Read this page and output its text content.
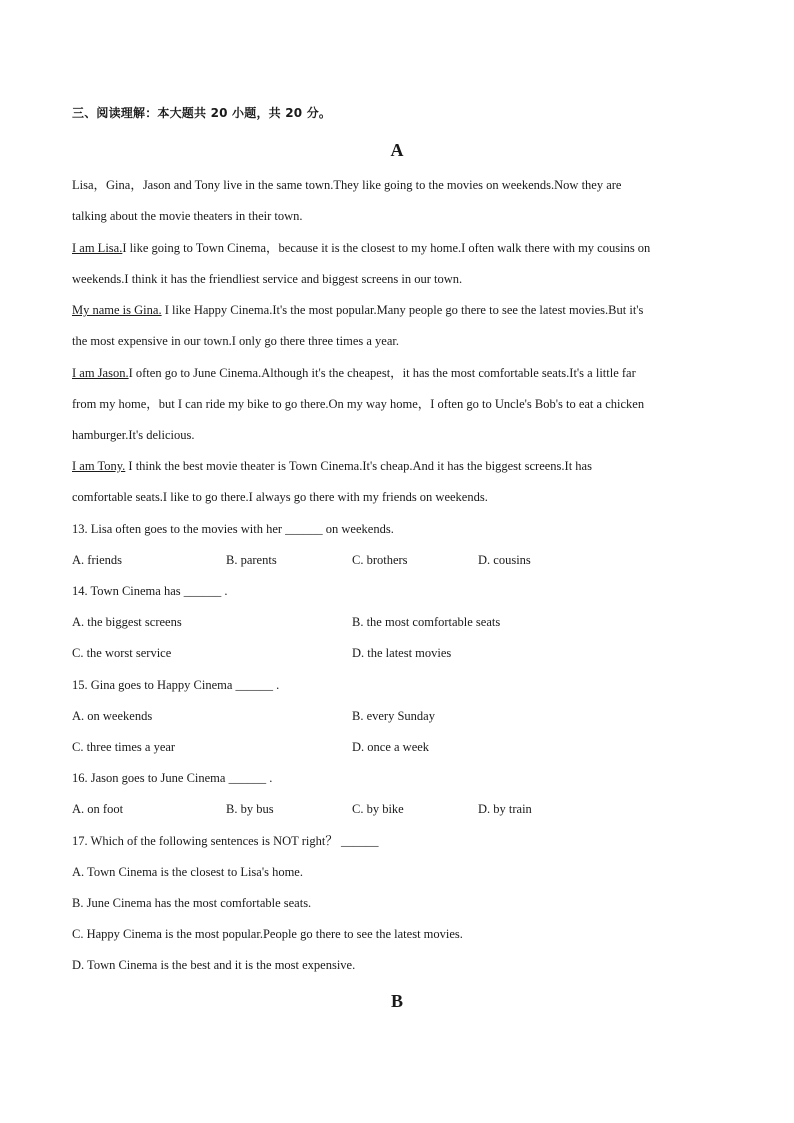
三、阅读理解：本大题共 20 小题，共 20 分。
A
Lisa，Gina，Jason and Tony live in the same town.They like going to the movies on weekends.Now they are
talking about the movie theaters in their town.
I am Lisa.I like going to Town Cinema，because it is the closest to my home.I often walk there with my cousins on
weekends.I think it has the friendliest service and biggest screens in our town.
My name is Gina. I like Happy Cinema.It's the most popular.Many people go there to see the latest movies.But it's
the most expensive in our town.I only go there three times a year.
I am Jason.I often go to June Cinema.Although it's the cheapest，it has the most comfortable seats.It's a little far
from my home，but I can ride my bike to go there.On my way home，I often go to Uncle's Bob's to eat a chicken
hamburger.It's delicious.
I am Tony. I think the best movie theater is Town Cinema.It's cheap.And it has the biggest screens.It has
comfortable seats.I like to go there.I always go there with my friends on weekends.
13. Lisa often goes to the movies with her ______ on weekends.
A. friends	B. parents	C. brothers	D. cousins
14. Town Cinema has ______ .
A. the biggest screens	B. the most comfortable seats
C. the worst service	D. the latest movies
15. Gina goes to Happy Cinema ______ .
A. on weekends	B. every Sunday
C. three times a year	D. once a week
16. Jason goes to June Cinema ______ .
A. on foot	B. by bus	C. by bike	D. by train
17. Which of the following sentences is NOT right？ ______
A. Town Cinema is the closest to Lisa's home.
B. June Cinema has the most comfortable seats.
C. Happy Cinema is the most popular.People go there to see the latest movies.
D. Town Cinema is the best and it is the most expensive.
B
